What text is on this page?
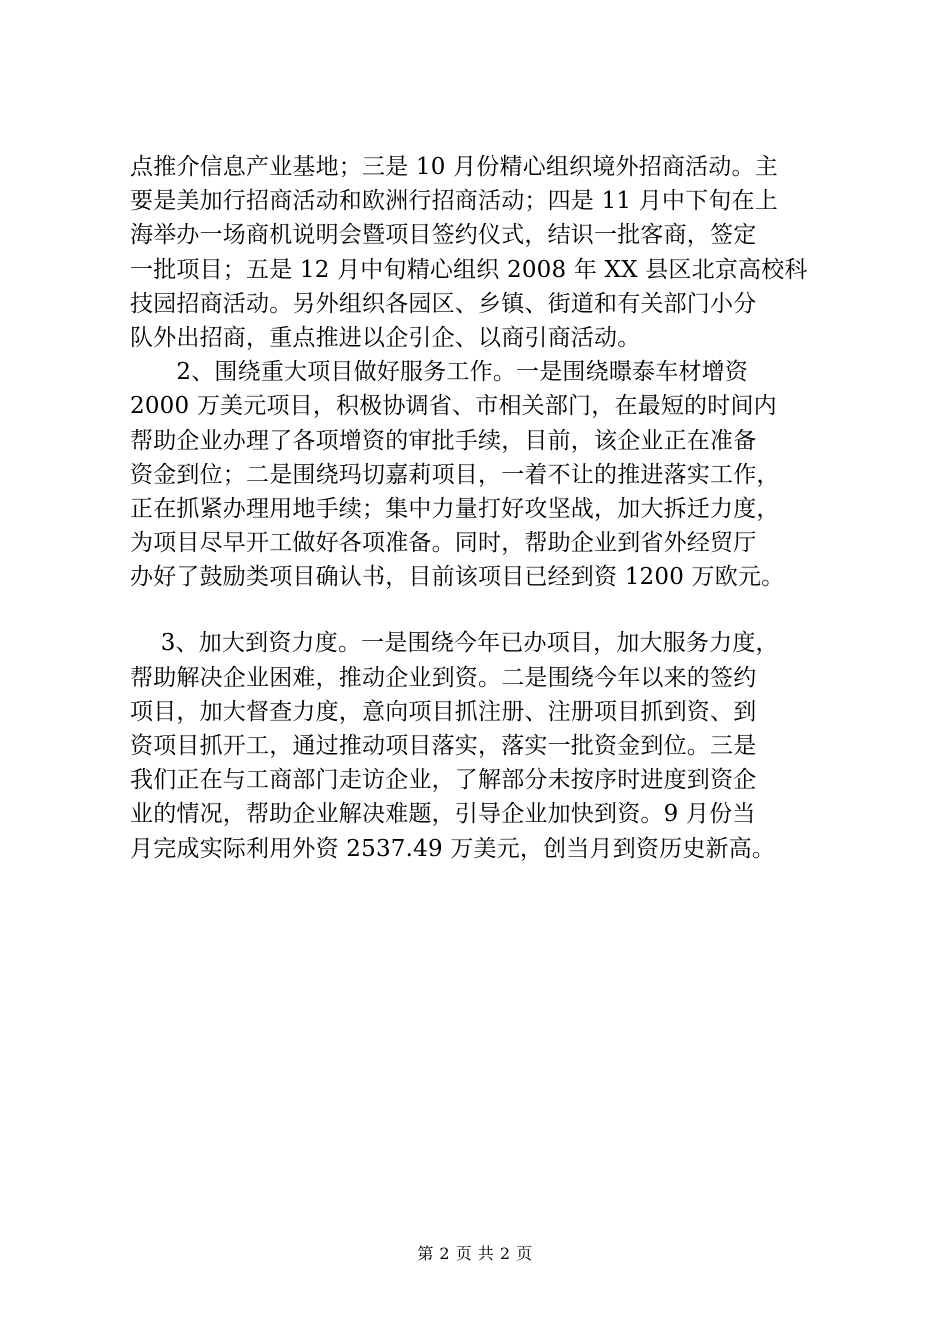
点推介信息产业基地；三是 10 月份精心组织境外招商活动。主
要是美加行招商活动和欧洲行招商活动；四是 11 月中下旬在上
海举办一场商机说明会暨项目签约仪式，结识一批客商，签定
一批项目；五是 12 月中旬精心组织 2008 年 XX 县区北京高校科
技园招商活动。另外组织各园区、乡镇、街道和有关部门小分
队外出招商，重点推进以企引企、以商引商活动。
　　2、围绕重大项目做好服务工作。一是围绕暻泰车材增资
2000 万美元项目，积极协调省、市相关部门，在最短的时间内
帮助企业办理了各项增资的审批手续，目前，该企业正在准备
资金到位；二是围绕玛切嘉莉项目，一着不让的推进落实工作，
正在抓紧办理用地手续；集中力量打好攻坚战，加大拆迁力度，
为项目尽早开工做好各项准备。同时，帮助企业到省外经贸厅
办好了鼓励类项目确认书，目前该项目已经到资 1200 万欧元。
　 3、加大到资力度。一是围绕今年已办项目，加大服务力度，
帮助解决企业困难，推动企业到资。二是围绕今年以来的签约
项目，加大督查力度，意向项目抓注册、注册项目抓到资、到
资项目抓开工，通过推动项目落实，落实一批资金到位。三是
我们正在与工商部门走访企业，了解部分未按序时进度到资企
业的情况，帮助企业解决难题，引导企业加快到资。9 月份当
月完成实际利用外资 2537.49 万美元，创当月到资历史新高。
第 2 页 共 2 页
